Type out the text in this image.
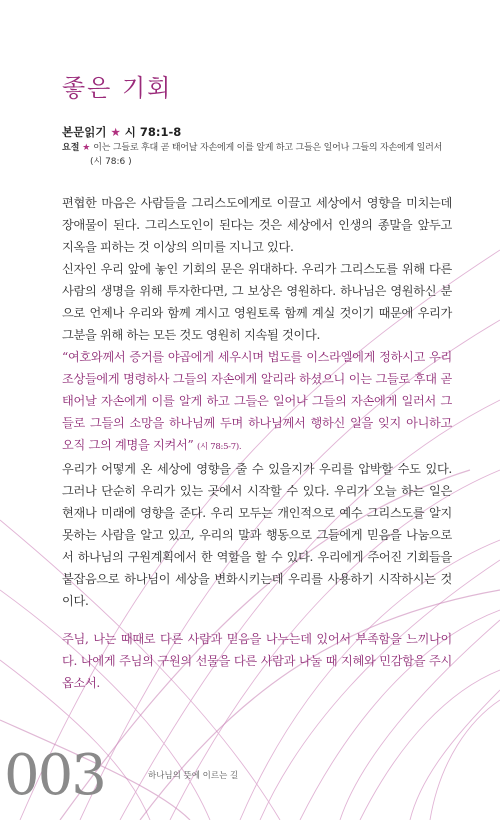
좋은 기회
본문읽기 ★ 시 78:1-8
요절 ★ 이는 그들로 후대 곧 태어날 자손에게 이를 알게 하고 그들은 일어나 그들의 자손에게 일러서
(시 78:6 )

편협한 마음은 사람들을 그리스도에게로 이끌고 세상에서 영향을 미치는데 장애물이 된다. 그리스도인이 된다는 것은 세상에서 인생의 종말을 앞두고 지옥을 피하는 것 이상의 의미를 지니고 있다.

신자인 우리 앞에 놓인 기회의 문은 위대하다. 우리가 그리스도를 위해 다른 사람의 생명을 위해 투자한다면, 그 보상은 영원하다. 하나님은 영원하신 분으로 언제나 우리와 함께 계시고 영원토록 함께 계실 것이기 때문에 우리가 그분을 위해 하는 모든 것도 영원히 지속될 것이다.

“여호와께서 증거를 야곱에게 세우시며 법도를 이스라엘에게 정하시고 우리 조상들에게 명령하사 그들의 자손에게 알리라 하셨으니 이는 그들로 후대 곧 태어날 자손에게 이를 알게 하고 그들은 일어나 그들의 자손에게 일러서 그들로 그들의 소망을 하나님께 두며 하나님께서 행하신 일을 잊지 아니하고 오직 그의 계명을 지켜서” (시 78:5-7).

우리가 어떻게 온 세상에 영향을 줄 수 있을지가 우리를 압박할 수도 있다. 그러나 단순히 우리가 있는 곳에서 시작할 수 있다. 우리가 오늘 하는 일은 현재나 미래에 영향을 준다. 우리 모두는 개인적으로 예수 그리스도를 알지 못하는 사람을 알고 있고, 우리의 말과 행동으로 그들에게 믿음을 나눔으로서 하나님의 구원계획에서 한 역할을 할 수 있다. 우리에게 주어진 기회들을 붙잡음으로 하나님이 세상을 변화시키는데 우리를 사용하기 시작하시는 것이다.

주님, 나는 때때로 다른 사람과 믿음을 나누는데 있어서 부족함을 느끼나이다. 나에게 주님의 구원의 선물을 다른 사람과 나눌 때 지혜와 민감함을 주시옵소서.
003	하나님의 뜻에 이르는 길
